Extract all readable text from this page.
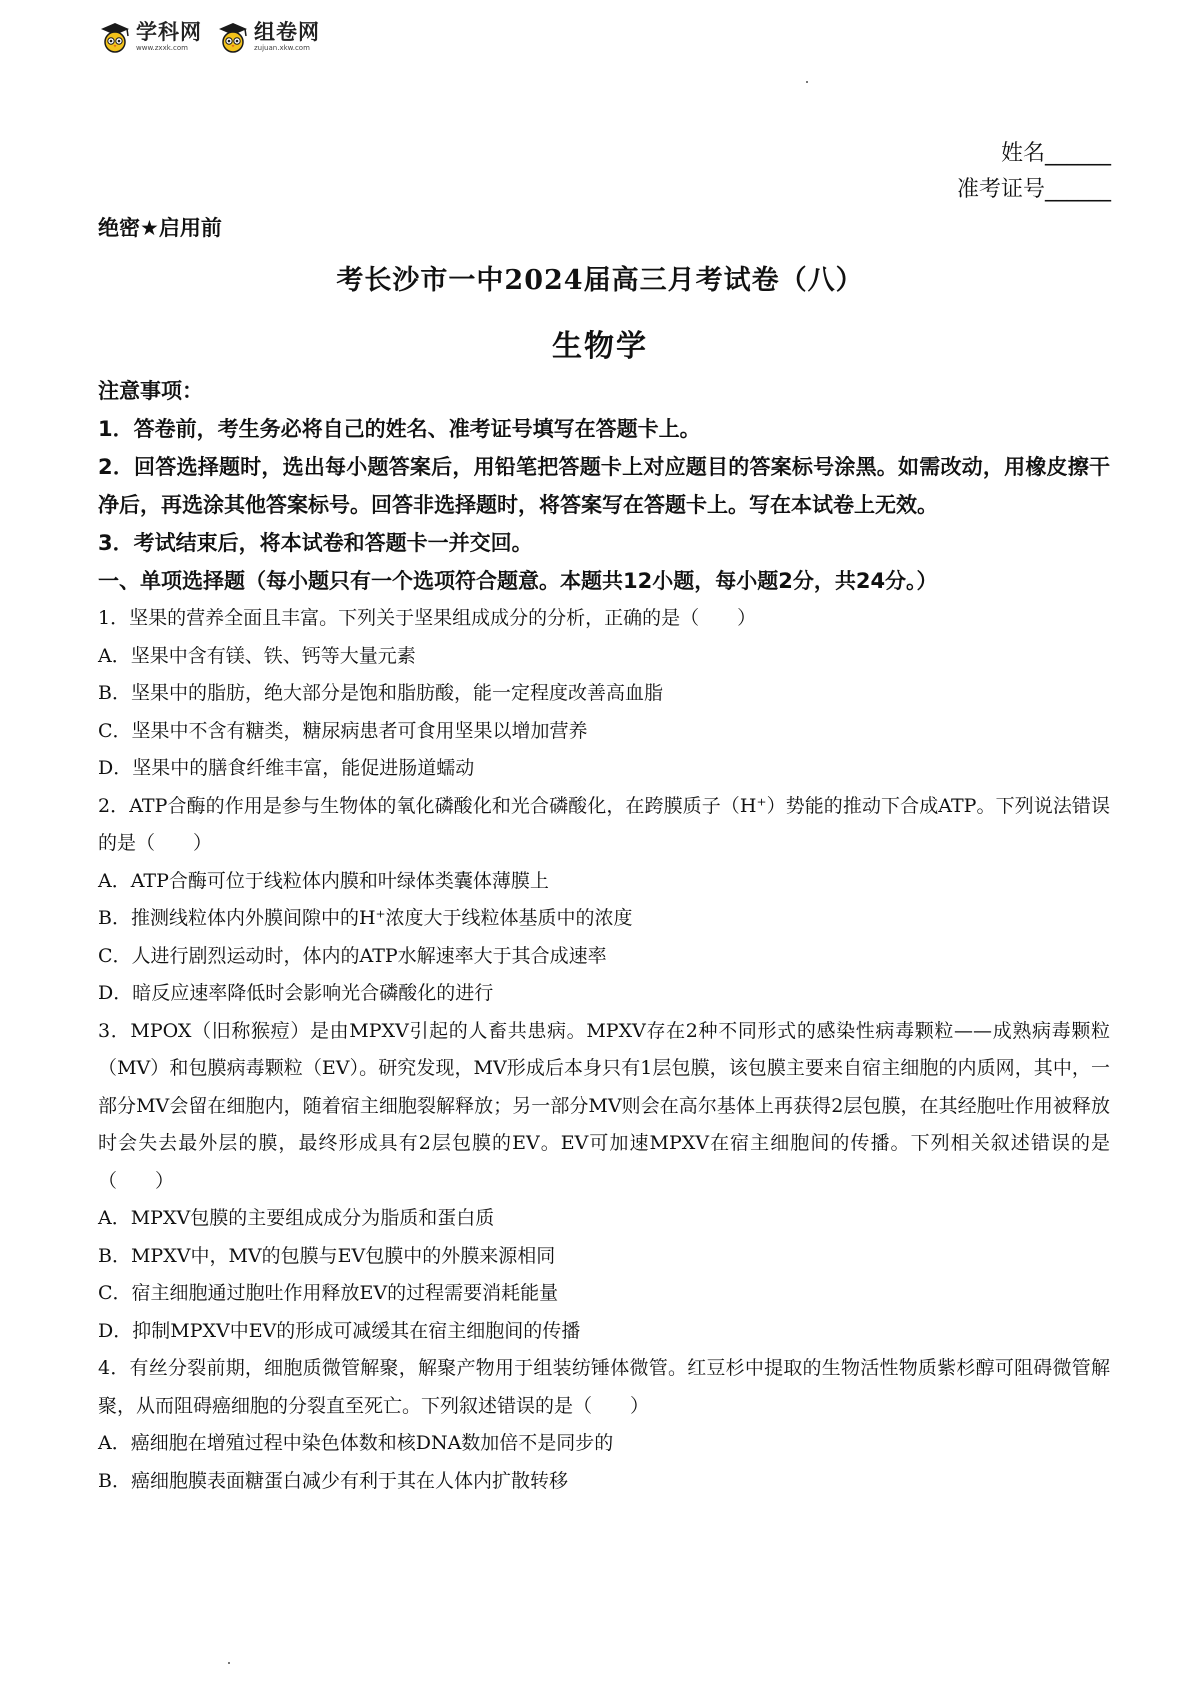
学科网
www.zxxk.com
组卷网
zujuan.xkw.com
姓名______
准考证号______
绝密★启用前
考长沙市一中2024届高三月考试卷（八）
生物学

注意事项：

1．答卷前，考生务必将自己的姓名、准考证号填写在答题卡上。

2．回答选择题时，选出每小题答案后，用铅笔把答题卡上对应题目的答案标号涂黑。如需改动，用橡皮擦干净后，再选涂其他答案标号。回答非选择题时，将答案写在答题卡上。写在本试卷上无效。

3．考试结束后，将本试卷和答题卡一并交回。

一、单项选择题（每小题只有一个选项符合题意。本题共12小题，每小题2分，共24分。）

1．坚果的营养全面且丰富。下列关于坚果组成成分的分析，正确的是（　　）

A．坚果中含有镁、铁、钙等大量元素

B．坚果中的脂肪，绝大部分是饱和脂肪酸，能一定程度改善高血脂

C．坚果中不含有糖类，糖尿病患者可食用坚果以增加营养

D．坚果中的膳食纤维丰富，能促进肠道蠕动

2．ATP合酶的作用是参与生物体的氧化磷酸化和光合磷酸化，在跨膜质子（H⁺）势能的推动下合成ATP。下列说法错误的是（　　）

A．ATP合酶可位于线粒体内膜和叶绿体类囊体薄膜上

B．推测线粒体内外膜间隙中的H⁺浓度大于线粒体基质中的浓度

C．人进行剧烈运动时，体内的ATP水解速率大于其合成速率

D．暗反应速率降低时会影响光合磷酸化的进行

3．MPOX（旧称猴痘）是由MPXV引起的人畜共患病。MPXV存在2种不同形式的感染性病毒颗粒——成熟病毒颗粒（MV）和包膜病毒颗粒（EV）。研究发现，MV形成后本身只有1层包膜，该包膜主要来自宿主细胞的内质网，其中，一部分MV会留在细胞内，随着宿主细胞裂解释放；另一部分MV则会在高尔基体上再获得2层包膜，在其经胞吐作用被释放时会失去最外层的膜，最终形成具有2层包膜的EV。EV可加速MPXV在宿主细胞间的传播。下列相关叙述错误的是（　　）

A．MPXV包膜的主要组成成分为脂质和蛋白质

B．MPXV中，MV的包膜与EV包膜中的外膜来源相同

C．宿主细胞通过胞吐作用释放EV的过程需要消耗能量

D．抑制MPXV中EV的形成可减缓其在宿主细胞间的传播

4．有丝分裂前期，细胞质微管解聚，解聚产物用于组装纺锤体微管。红豆杉中提取的生物活性物质紫杉醇可阻碍微管解聚，从而阻碍癌细胞的分裂直至死亡。下列叙述错误的是（　　）

A．癌细胞在增殖过程中染色体数和核DNA数加倍不是同步的

B．癌细胞膜表面糖蛋白减少有利于其在人体内扩散转移
